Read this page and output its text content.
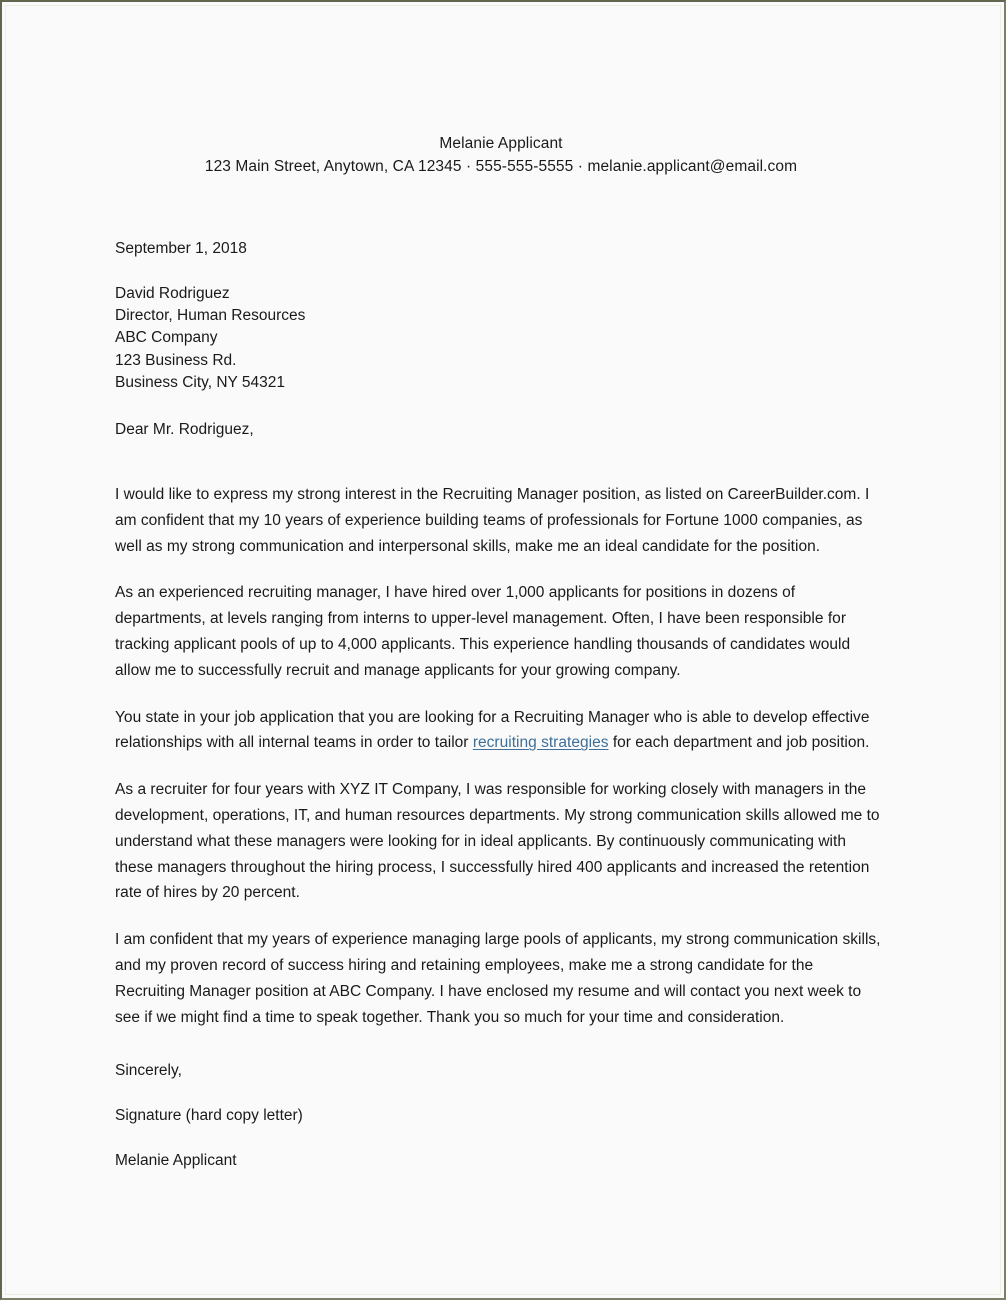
Melanie Applicant
123 Main Street, Anytown, CA 12345 · 555-555-5555 · melanie.applicant@email.com
September 1, 2018
David Rodriguez
Director, Human Resources
ABC Company
123 Business Rd.
Business City, NY 54321
Dear Mr. Rodriguez,

I would like to express my strong interest in the Recruiting Manager position, as listed on CareerBuilder.com. I am confident that my 10 years of experience building teams of professionals for Fortune 1000 companies, as well as my strong communication and interpersonal skills, make me an ideal candidate for the position.

As an experienced recruiting manager, I have hired over 1,000 applicants for positions in dozens of departments, at levels ranging from interns to upper-level management. Often, I have been responsible for tracking applicant pools of up to 4,000 applicants. This experience handling thousands of candidates would allow me to successfully recruit and manage applicants for your growing company.

You state in your job application that you are looking for a Recruiting Manager who is able to develop effective relationships with all internal teams in order to tailor recruiting strategies for each department and job position.

As a recruiter for four years with XYZ IT Company, I was responsible for working closely with managers in the development, operations, IT, and human resources departments. My strong communication skills allowed me to understand what these managers were looking for in ideal applicants. By continuously communicating with these managers throughout the hiring process, I successfully hired 400 applicants and increased the retention rate of hires by 20 percent.

I am confident that my years of experience managing large pools of applicants, my strong communication skills, and my proven record of success hiring and retaining employees, make me a strong candidate for the Recruiting Manager position at ABC Company. I have enclosed my resume and will contact you next week to see if we might find a time to speak together. Thank you so much for your time and consideration.

Sincerely,
Signature (hard copy letter)
Melanie Applicant
